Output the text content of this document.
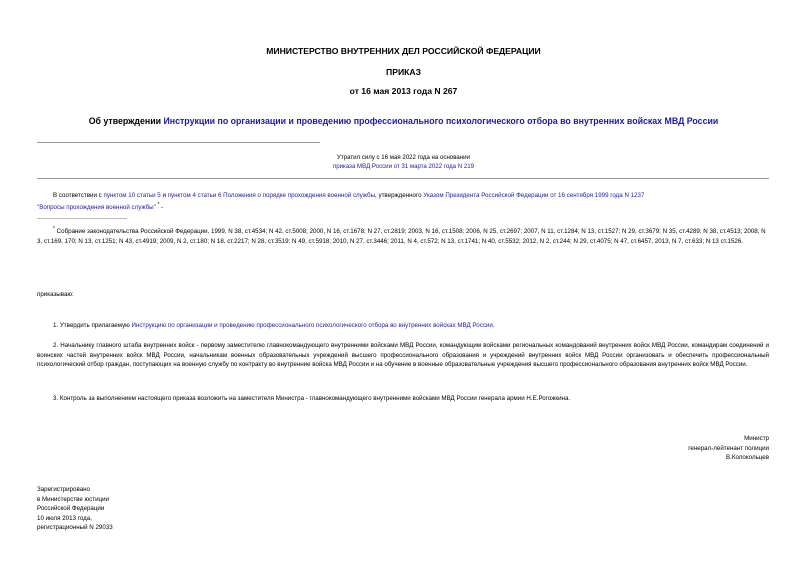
МИНИСТЕРСТВО ВНУТРЕННИХ ДЕЛ РОССИЙСКОЙ ФЕДЕРАЦИИ
ПРИКАЗ
от 16 мая 2013 года N 267
Об утверждении Инструкции по организации и проведению профессионального психологического отбора во внутренних войсках МВД России
Утратил силу с 16 мая 2022 года на основании
приказа МВД России от 31 марта 2022 года N 219
В соответствии с пунктом 10 статьи 5 и пунктом 4 статьи 6 Положения о порядке прохождения военной службы, утвержденного Указом Президента Российской Федерации от 16 сентября 1999 года N 1237
"Вопросы прохождения военной службы" * -
* Собрание законодательства Российской Федерации, 1999, N 38, ст.4534; N 42, ст.5008; 2000, N 16, ст.1678; N 27, ст.2819; 2003, N 16, ст.1508; 2006, N 25, ст.2697; 2007, N 11, ст.1284; N 13, ст.1527; N 29, ст.3679; N 35, ст.4289; N 38, ст.4513; 2008, N 3, ст.169, 170; N 13, ст.1251; N 43, ст.4919; 2009, N 2, ст.180; N 18, ст.2217; N 28, ст.3519; N 49, ст.5918; 2010, N 27, ст.3446; 2011, N 4, ст.572; N 13, ст.1741; N 40, ст.5532; 2012, N 2, ст.244; N 29, ст.4075; N 47, ст.6457, 2013, N 7, ст.633; N 13 ст.1526.
приказываю:
1. Утвердить прилагаемую Инструкцию по организации и проведению профессионального психологического отбора во внутренних войсках МВД России.
2. Начальнику главного штаба внутренних войск - первому заместителю главнокомандующего внутренними войсками МВД России, командующим войсками региональных командований внутренних войск МВД России, командирам соединений и воинских частей внутренних войск МВД России, начальникам военных образовательных учреждений высшего профессионального образования и учреждений внутренних войск МВД России организовать и обеспечить профессиональный психологический отбор граждан, поступающих на военную службу по контракту во внутренние войска МВД России и на обучение в военные образовательные учреждения высшего профессионального образования внутренних войск МВД России.
3. Контроль за выполнением настоящего приказа возложить на заместителя Министра - главнокомандующего внутренними войсками МВД России генерала армии Н.Е.Рогожкина.
Министр
генерал-лейтенант полиции
В.Колокольцев
Зарегистрировано
в Министерстве юстиции
Российской Федерации
10 июля 2013 года,
регистрационный N 29033
